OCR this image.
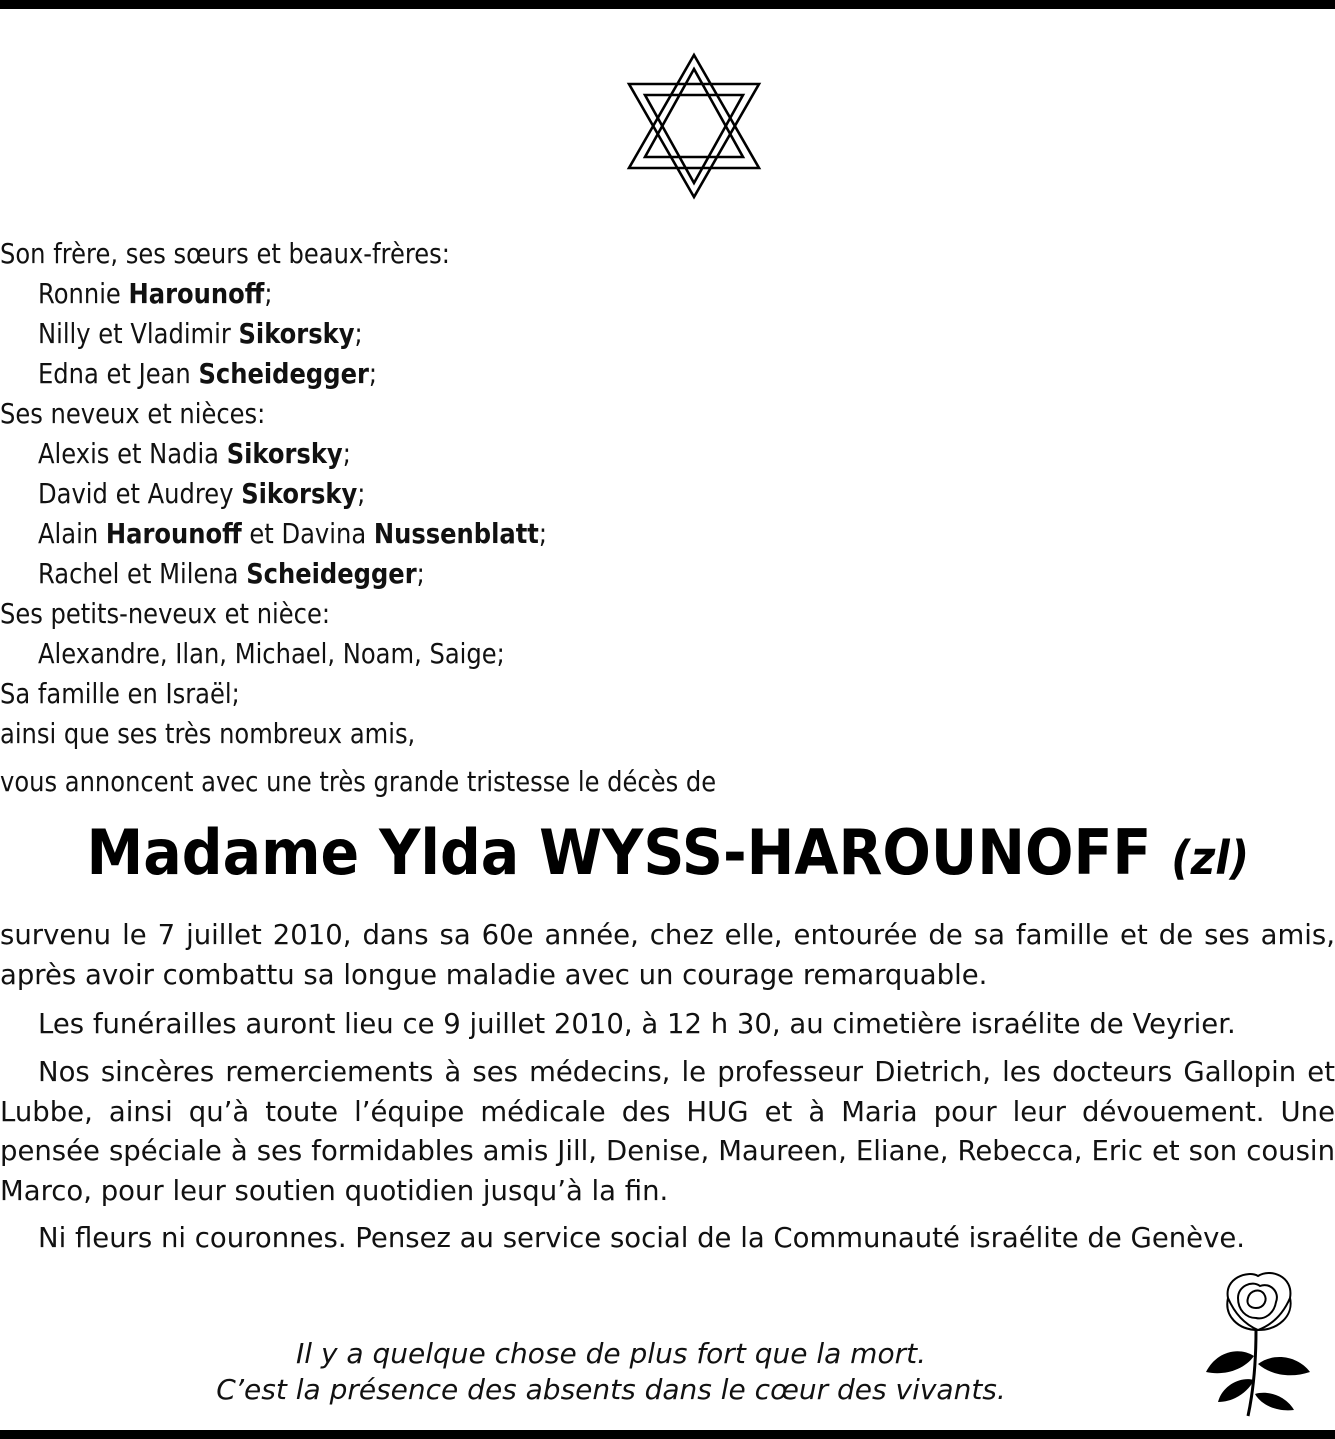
Son frère, ses sœurs et beaux-frères:
Ronnie Harounoff;
Nilly et Vladimir Sikorsky;
Edna et Jean Scheidegger;
Ses neveux et nièces:
Alexis et Nadia Sikorsky;
David et Audrey Sikorsky;
Alain Harounoff et Davina Nussenblatt;
Rachel et Milena Scheidegger;
Ses petits-neveux et nièce:
Alexandre, Ilan, Michael, Noam, Saige;
Sa famille en Israël;
ainsi que ses très nombreux amis,
vous annoncent avec une très grande tristesse le décès de
Madame Ylda WYSS-HAROUNOFF (zl)
survenu le 7 juillet 2010, dans sa 60e année, chez elle, entourée de sa famille et de ses amis, après avoir combattu sa longue maladie avec un courage remarquable.
Les funérailles auront lieu ce 9 juillet 2010, à 12 h 30, au cimetière israélite de Veyrier.
Nos sincères remerciements à ses médecins, le professeur Dietrich, les docteurs Gallopin et Lubbe, ainsi qu’à toute l’équipe médicale des HUG et à Maria pour leur dévouement. Une pensée spéciale à ses formidables amis Jill, Denise, Maureen, Eliane, Rebecca, Eric et son cousin Marco, pour leur soutien quotidien jusqu’à la fin.
Ni fleurs ni couronnes. Pensez au service social de la Communauté israélite de Genève.
Il y a quelque chose de plus fort que la mort.
C’est la présence des absents dans le cœur des vivants.
